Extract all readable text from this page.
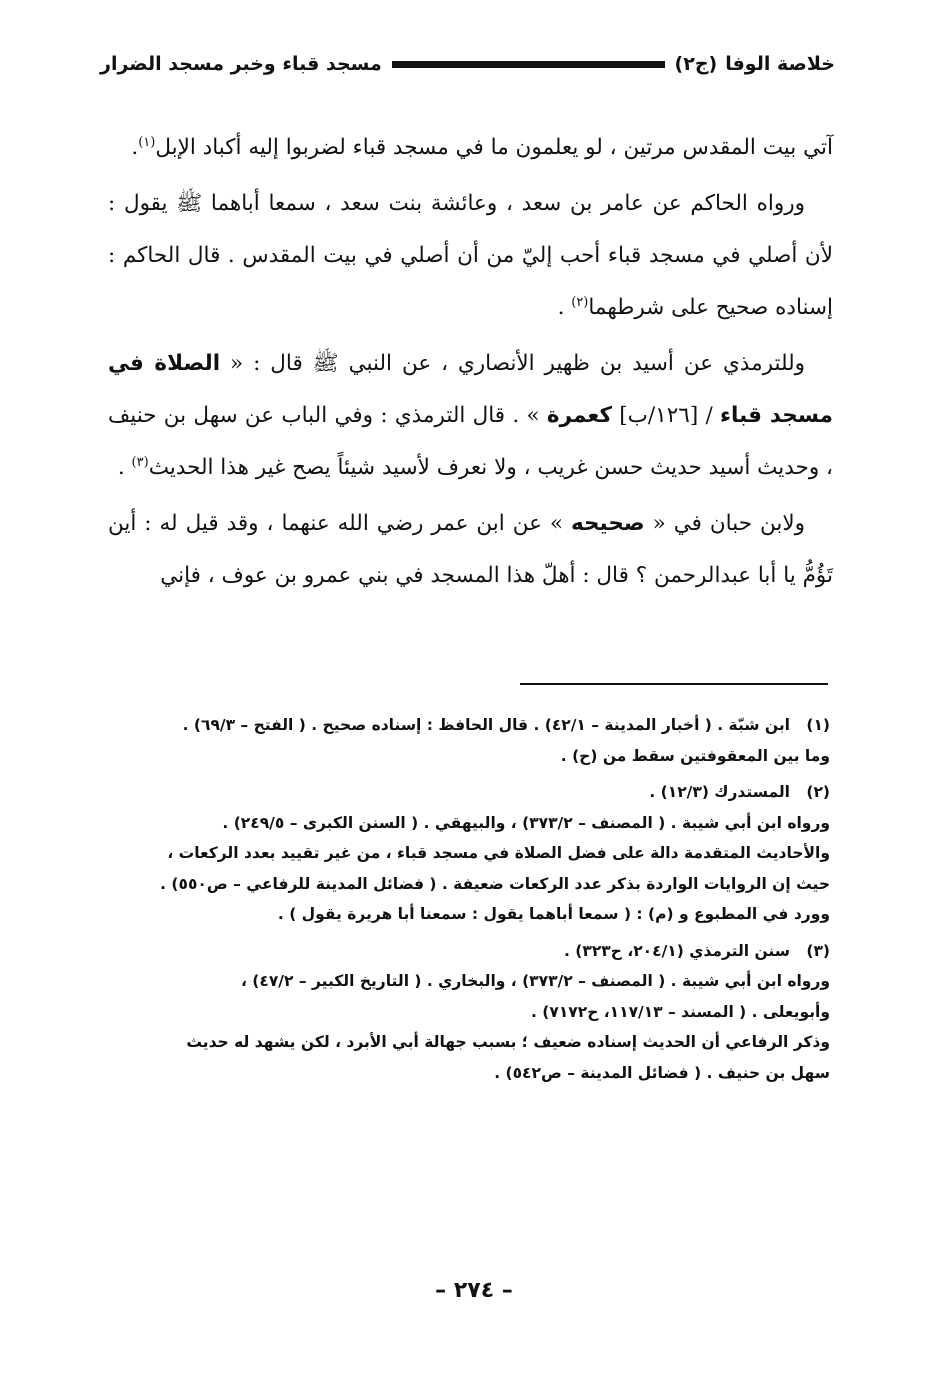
خلاصة الوفا
(ج٢)
مسجد قباء وخبر مسجد الضرار

آتي بيت المقدس مرتين ، لو يعلمون ما في مسجد قباء لضربوا إليه أكباد الإبل$^{(١)}$.

ورواه الحاكم عن عامر بن سعد ، وعائشة بنت سعد ، سمعا أباهما ﷺ يقول : لأن أصلي في مسجد قباء أحب إليّ من أن أصلي في بيت المقدس . قال الحاكم : إسناده صحيح على شرطهما$^{(٢)}$ .

وللترمذي عن أسيد بن ظهير الأنصاري ، عن النبي ﷺ قال : « الصلاة في مسجد قباء / [١٢٦/ب] كعمرة » . قال الترمذي : وفي الباب عن سهل بن حنيف ، وحديث أسيد حديث حسن غريب ، ولا نعرف لأسيد شيئاً يصح غير هذا الحديث$^{(٣)}$ .

ولابن حبان في « صحيحه » عن ابن عمر رضي الله عنهما ، وقد قيل له : أين تَؤُمُّ يا أبا عبدالرحمن ؟ قال : أهلّ هذا المسجد في بني عمرو بن عوف ، فإني

(١)ابن شبّة . ( أخبار المدينة – ٤٢/١) . قال الحافظ : إسناده صحيح . ( الفتح – ٦٩/٣) .
وما بين المعقوفتين سقط من (ح) .
(٢)المستدرك (١٢/٣) .
ورواه ابن أبي شيبة . ( المصنف – ٣٧٣/٢) ، والبيهقي . ( السنن الكبرى – ٢٤٩/٥) .
والأحاديث المتقدمة دالة على فضل الصلاة في مسجد قباء ، من غير تقييد بعدد الركعات ،
حيث إن الروايات الواردة بذكر عدد الركعات ضعيفة . ( فضائل المدينة للرفاعي – ص٥٥٠) .
وورد في المطبوع و (م) : ( سمعا أباهما يقول : سمعنا أبا هريرة يقول ) .
(٣)سنن الترمذي (٢٠٤/١، ح٣٢٣) .
ورواه ابن أبي شيبة . ( المصنف – ٣٧٣/٢) ، والبخاري . ( التاريخ الكبير – ٤٧/٢) ،
وأبويعلى . ( المسند – ١١٧/١٣، ح٧١٧٢) .
وذكر الرفاعي أن الحديث إسناده ضعيف ؛ بسبب جهالة أبي الأبرد ، لكن يشهد له حديث
سهل بن حنيف . ( فضائل المدينة – ص٥٤٢) .
– ٢٧٤ –
